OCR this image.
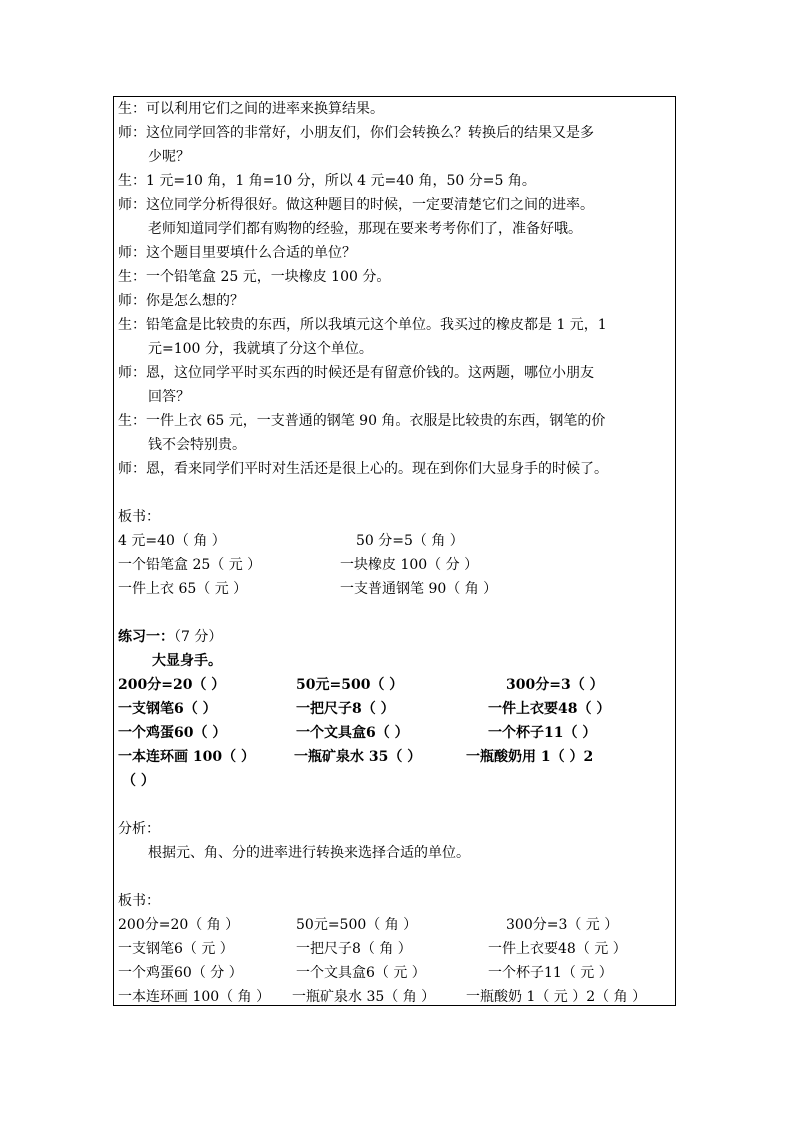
生：可以利用它们之间的进率来换算结果。
师：这位同学回答的非常好，小朋友们，你们会转换么？转换后的结果又是多
少呢？
生：1 元=10 角，1 角=10 分，所以 4 元=40 角，50 分=5 角。
师：这位同学分析得很好。做这种题目的时候，一定要清楚它们之间的进率。
老师知道同学们都有购物的经验，那现在要来考考你们了，准备好哦。
师：这个题目里要填什么合适的单位？
生：一个铅笔盒 25 元，一块橡皮 100 分。
师：你是怎么想的？
生：铅笔盒是比较贵的东西，所以我填元这个单位。我买过的橡皮都是 1 元，1
元=100 分，我就填了分这个单位。
师：恩，这位同学平时买东西的时候还是有留意价钱的。这两题，哪位小朋友
回答？
生：一件上衣 65 元，一支普通的钢笔 90 角。衣服是比较贵的东西，钢笔的价
钱不会特别贵。
师：恩，看来同学们平时对生活还是很上心的。现在到你们大显身手的时候了。
板书：
4 元=40（ 角 ）	50 分=5（ 角 ）
一个铅笔盒 25（ 元 ）	一块橡皮 100（ 分 ）
一件上衣 65（ 元 ）	一支普通钢笔 90（ 角 ）
练习一：（7 分）
大显身手。
200分=20（ ）	50元=500（ ）	300分=3（ ）
一支钢笔6（ ）	一把尺子8（ ）	一件上衣要48（ ）
一个鸡蛋60（ ）	一个文具盒6（ ）	一个杯子11（ ）
一本连环画 100（ ）	一瓶矿泉水 35（ ）	一瓶酸奶用 1（ ）2
（ ）
分析：
根据元、角、分的进率进行转换来选择合适的单位。
板书：
200分=20（ 角 ）	50元=500（ 角 ）	300分=3（ 元 ）
一支钢笔6（ 元 ）	一把尺子8（ 角 ）	一件上衣要48（ 元 ）
一个鸡蛋60（ 分 ）	一个文具盒6（ 元 ）	一个杯子11（ 元 ）
一本连环画 100（ 角 ） 一瓶矿泉水 35（ 角 ） 一瓶酸奶 1（ 元 ）2（ 角 ）
